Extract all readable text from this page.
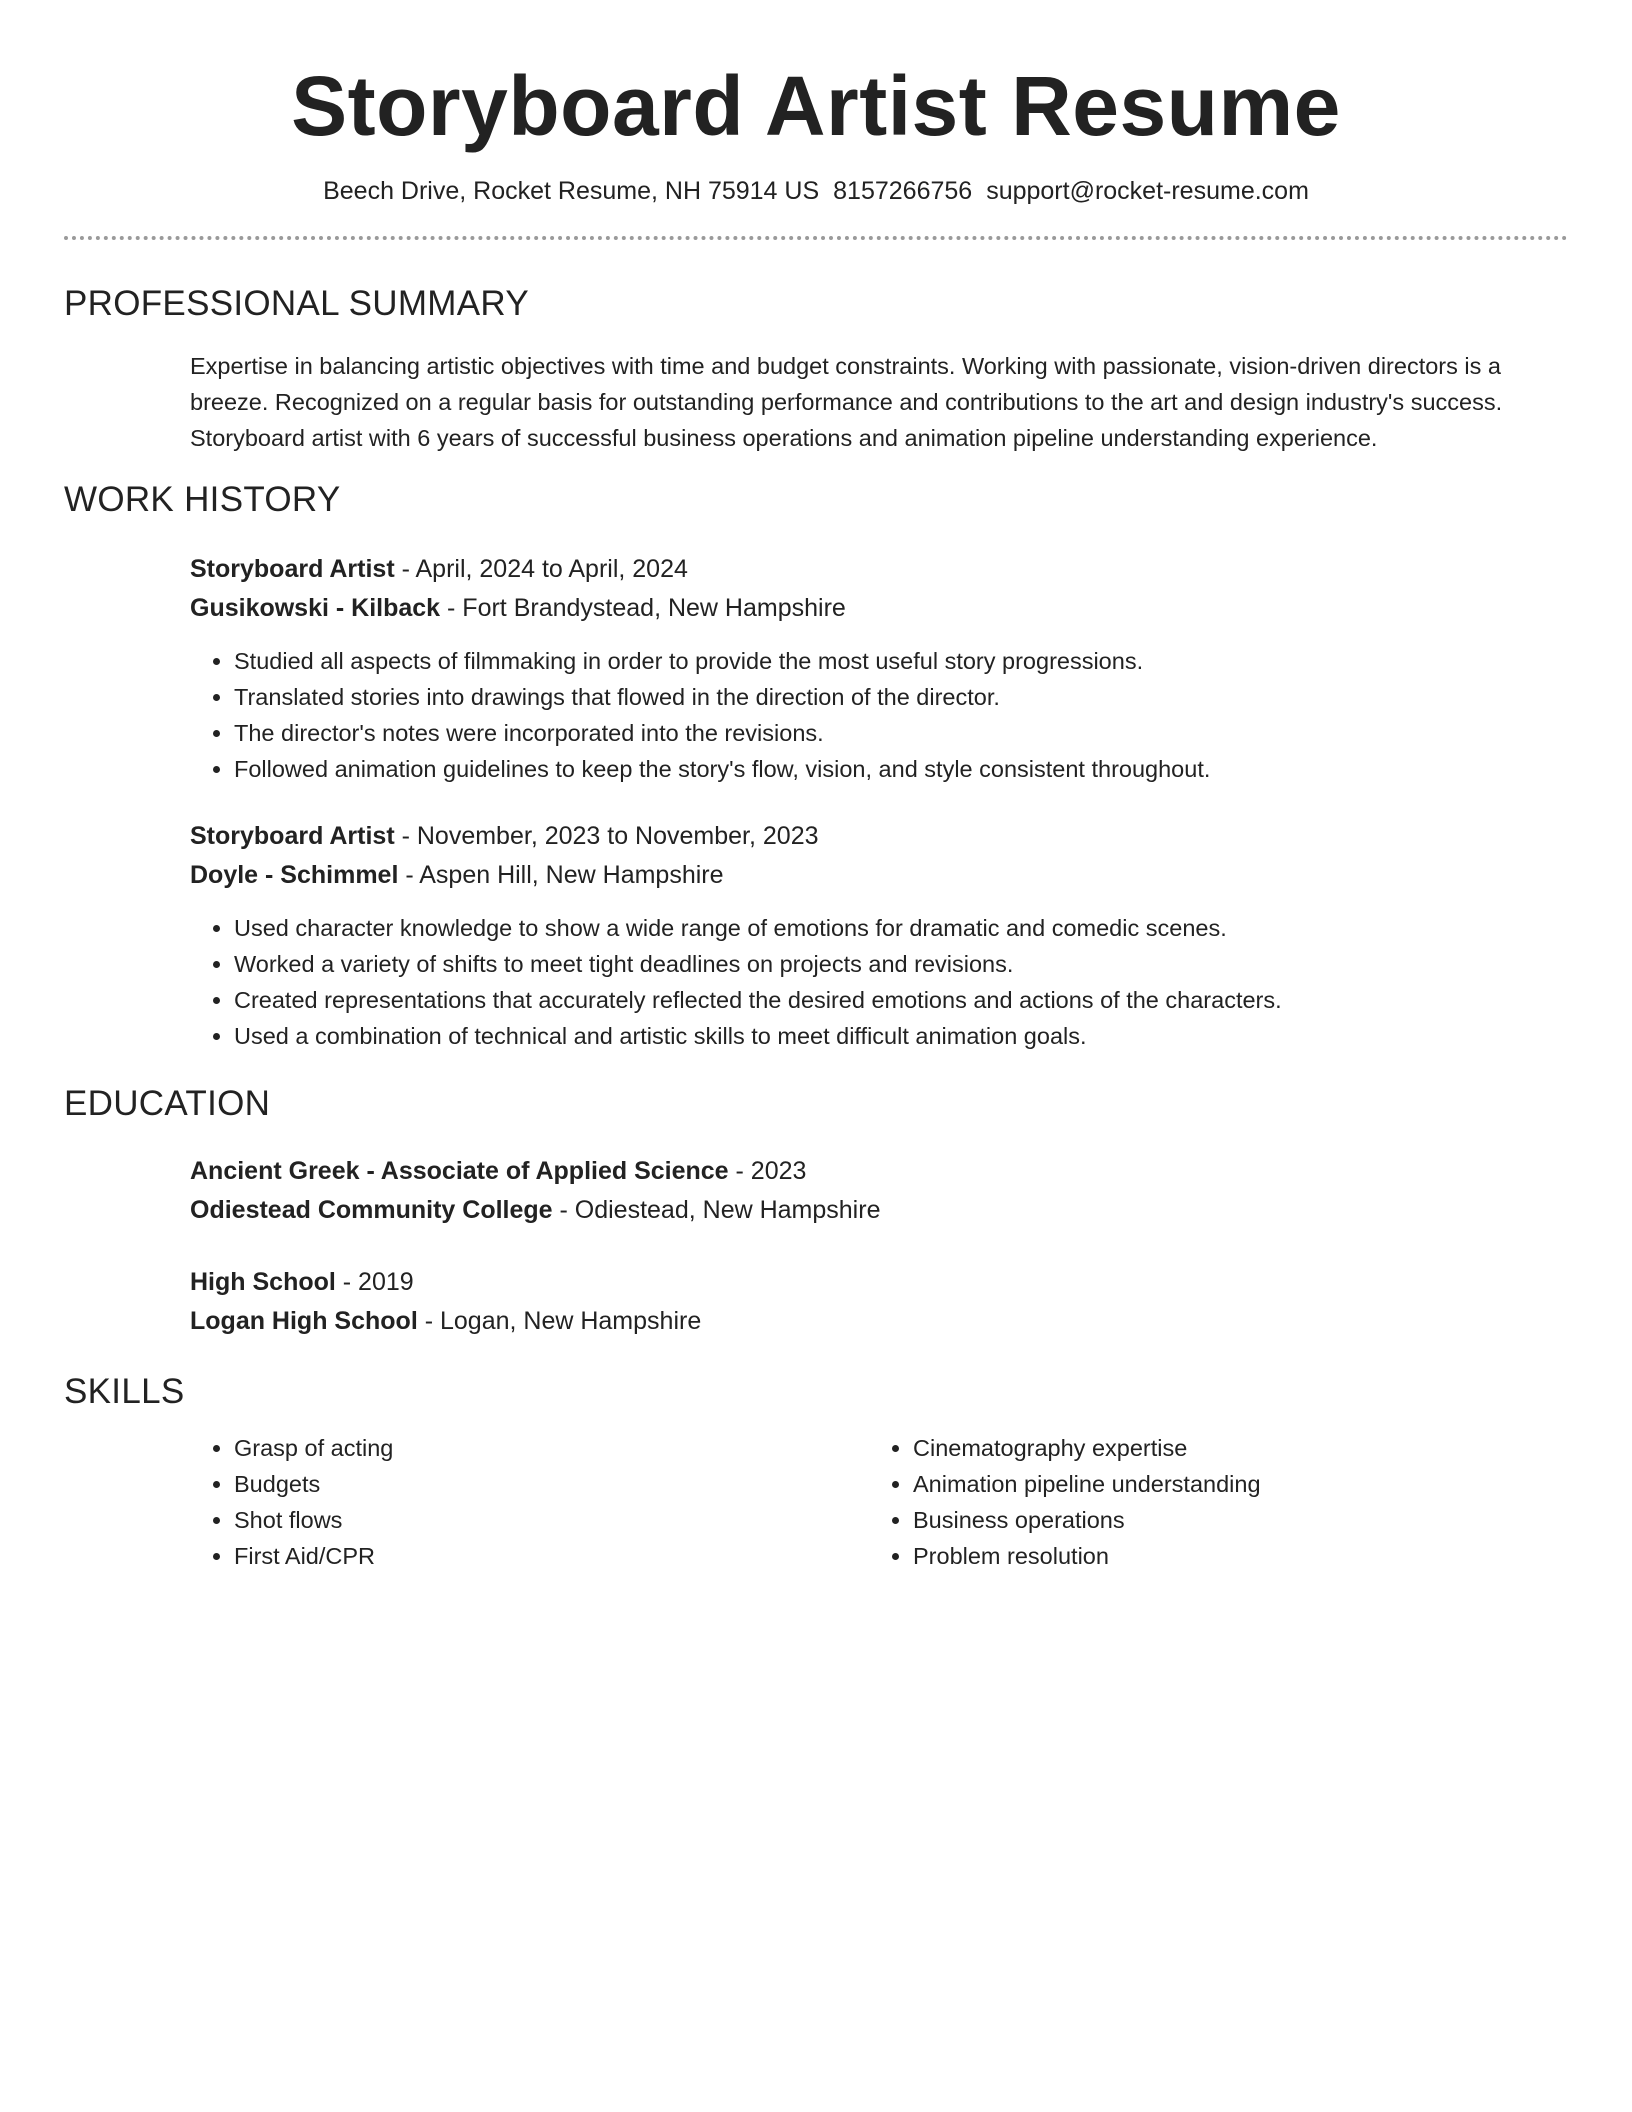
Storyboard Artist Resume
Beech Drive, Rocket Resume, NH 75914 US 8157266756 support@rocket-resume.com
PROFESSIONAL SUMMARY
Expertise in balancing artistic objectives with time and budget constraints. Working with passionate, vision-driven directors is a breeze. Recognized on a regular basis for outstanding performance and contributions to the art and design industry's success. Storyboard artist with 6 years of successful business operations and animation pipeline understanding experience.
WORK HISTORY
Storyboard Artist - April, 2024 to April, 2024
Gusikowski - Kilback - Fort Brandystead, New Hampshire
• Studied all aspects of filmmaking in order to provide the most useful story progressions.
• Translated stories into drawings that flowed in the direction of the director.
• The director's notes were incorporated into the revisions.
• Followed animation guidelines to keep the story's flow, vision, and style consistent throughout.
Storyboard Artist - November, 2023 to November, 2023
Doyle - Schimmel - Aspen Hill, New Hampshire
• Used character knowledge to show a wide range of emotions for dramatic and comedic scenes.
• Worked a variety of shifts to meet tight deadlines on projects and revisions.
• Created representations that accurately reflected the desired emotions and actions of the characters.
• Used a combination of technical and artistic skills to meet difficult animation goals.
EDUCATION
Ancient Greek - Associate of Applied Science - 2023
Odiestead Community College - Odiestead, New Hampshire
High School - 2019
Logan High School - Logan, New Hampshire
SKILLS
• Grasp of acting
• Budgets
• Shot flows
• First Aid/CPR
• Cinematography expertise
• Animation pipeline understanding
• Business operations
• Problem resolution
